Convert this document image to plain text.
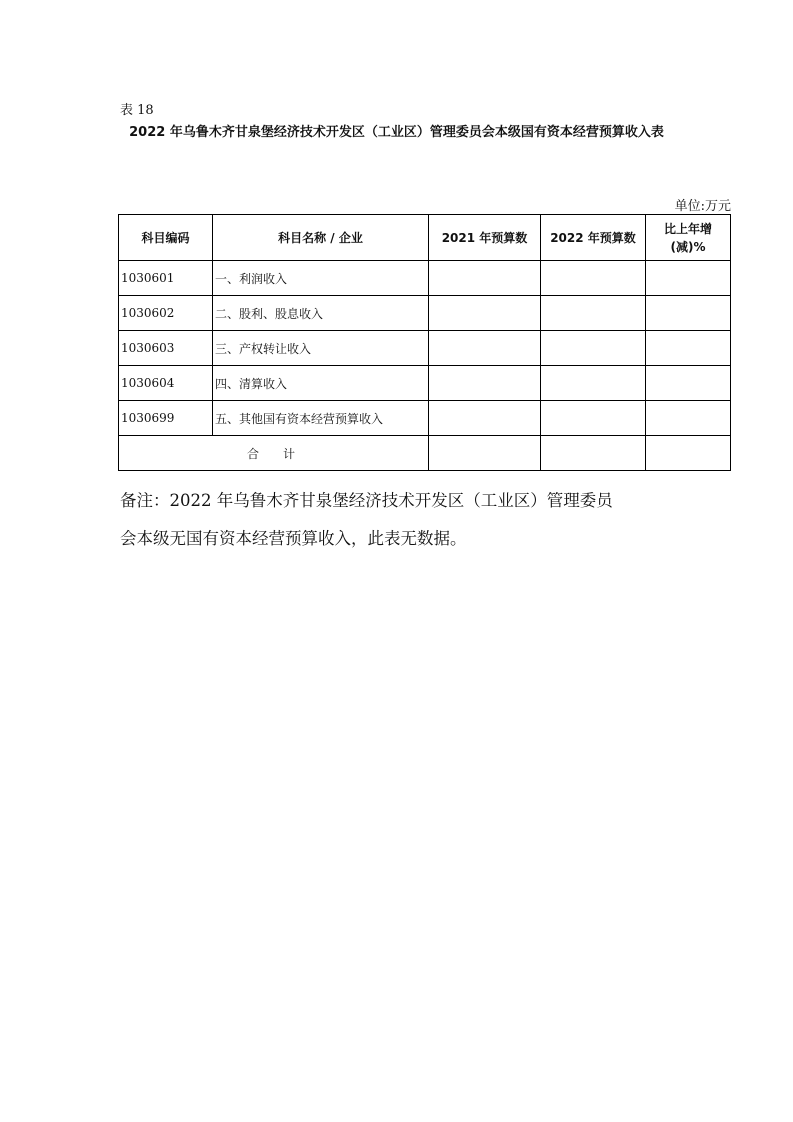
表 18
2022 年乌鲁木齐甘泉堡经济技术开发区（工业区）管理委员会本级国有资本经营预算收入表
单位:万元
科目编码	科目名称 / 企业	2021 年预算数	2022 年预算数	比上年增(减)%
1030601	一、利润收入			
1030602	二、股利、股息收入			
1030603	三、产权转让收入			
1030604	四、清算收入			
1030699	五、其他国有资本经营预算收入			
合　　计				

备注：2022 年乌鲁木齐甘泉堡经济技术开发区（工业区）管理委员

会本级无国有资本经营预算收入，此表无数据。
